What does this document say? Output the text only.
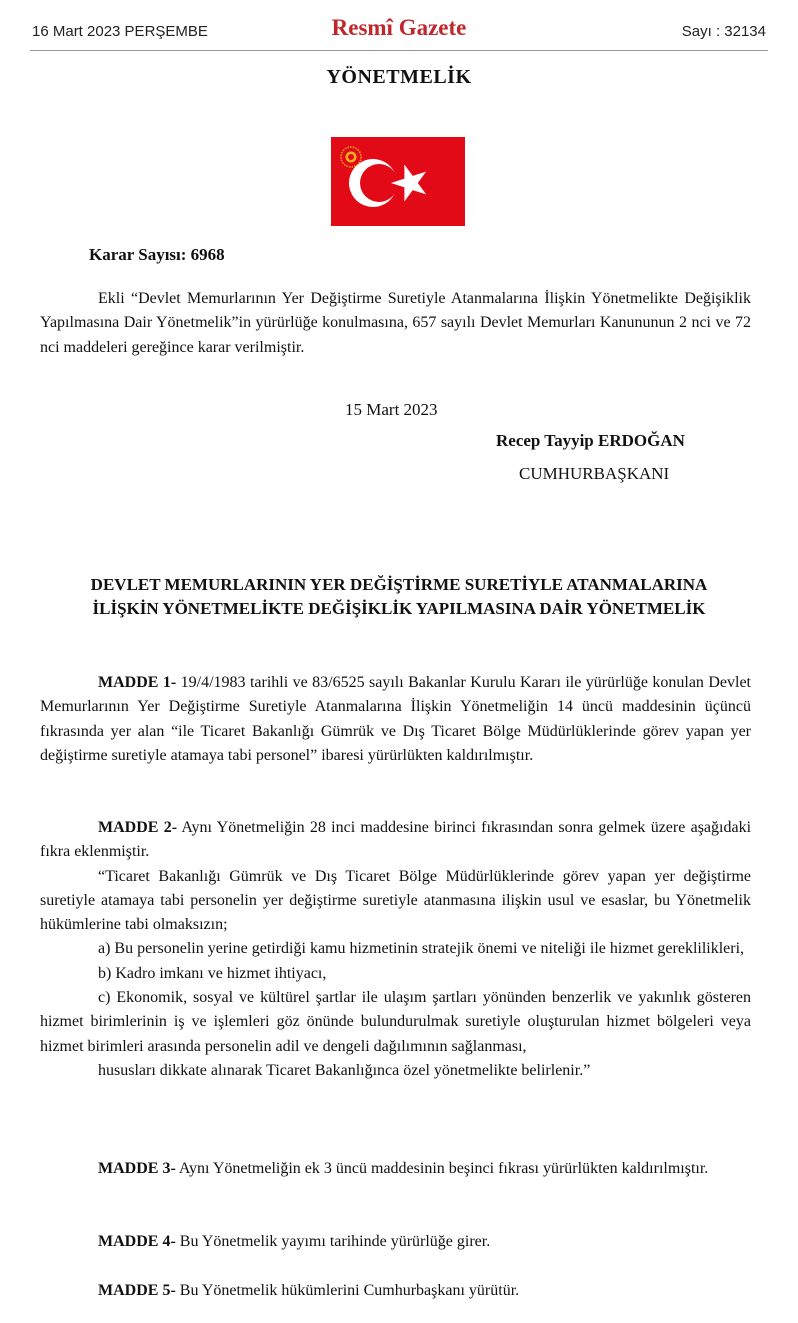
16 Mart 2023 PERŞEMBE	Resmî Gazete	Sayı : 32134
YÖNETMELİK
Karar Sayısı: 6968

Ekli “Devlet Memurlarının Yer Değiştirme Suretiyle Atanmalarına İlişkin Yönetmelikte Değişiklik Yapılmasına Dair Yönetmelik”in yürürlüğe konulmasına, 657 sayılı Devlet Memurları Kanununun 2 nci ve 72 nci maddeleri gereğince karar verilmiştir.

15 Mart 2023
Recep Tayyip ERDOĞAN
CUMHURBAŞKANI
DEVLET MEMURLARININ YER DEĞİŞTİRME SURETİYLE ATANMALARINA
İLİŞKİN YÖNETMELİKTE DEĞİŞİKLİK YAPILMASINA DAİR YÖNETMELİK

MADDE 1- 19/4/1983 tarihli ve 83/6525 sayılı Bakanlar Kurulu Kararı ile yürürlüğe konulan Devlet Memurlarının Yer Değiştirme Suretiyle Atanmalarına İlişkin Yönetmeliğin 14 üncü maddesinin üçüncü fıkrasında yer alan “ile Ticaret Bakanlığı Gümrük ve Dış Ticaret Bölge Müdürlüklerinde görev yapan yer değiştirme suretiyle atamaya tabi personel” ibaresi yürürlükten kaldırılmıştır.

MADDE 2- Aynı Yönetmeliğin 28 inci maddesine birinci fıkrasından sonra gelmek üzere aşağıdaki fıkra eklenmiştir.

“Ticaret Bakanlığı Gümrük ve Dış Ticaret Bölge Müdürlüklerinde görev yapan yer değiştirme suretiyle atamaya tabi personelin yer değiştirme suretiyle atanmasına ilişkin usul ve esaslar, bu Yönetmelik hükümlerine tabi olmaksızın;

a) Bu personelin yerine getirdiği kamu hizmetinin stratejik önemi ve niteliği ile hizmet gereklilikleri,

b) Kadro imkanı ve hizmet ihtiyacı,

c) Ekonomik, sosyal ve kültürel şartlar ile ulaşım şartları yönünden benzerlik ve yakınlık gösteren hizmet birimlerinin iş ve işlemleri göz önünde bulundurulmak suretiyle oluşturulan hizmet bölgeleri veya hizmet birimleri arasında personelin adil ve dengeli dağılımının sağlanması,

hususları dikkate alınarak Ticaret Bakanlığınca özel yönetmelikte belirlenir.”

MADDE 3- Aynı Yönetmeliğin ek 3 üncü maddesinin beşinci fıkrası yürürlükten kaldırılmıştır.

MADDE 4- Bu Yönetmelik yayımı tarihinde yürürlüğe girer.

MADDE 5- Bu Yönetmelik hükümlerini Cumhurbaşkanı yürütür.
